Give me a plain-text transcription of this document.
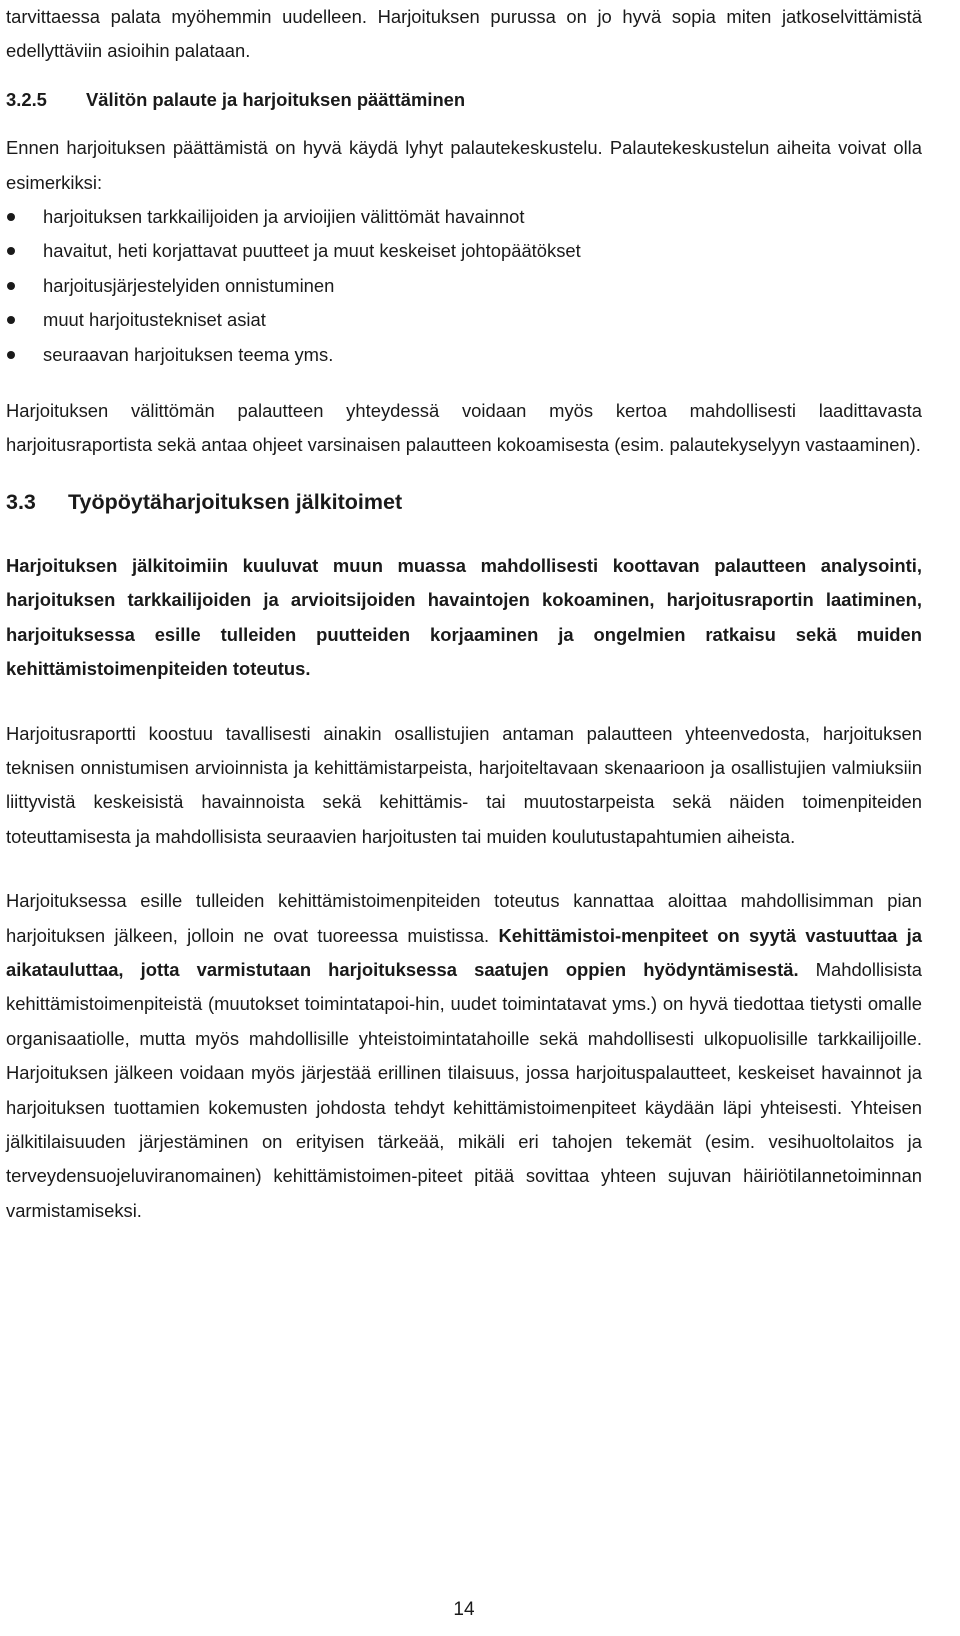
tarvittaessa palata myöhemmin uudelleen. Harjoituksen purussa on jo hyvä sopia miten jatkoselvittämistä edellyttäviin asioihin palataan.

3.2.5	Välitön palaute ja harjoituksen päättäminen

Ennen harjoituksen päättämistä on hyvä käydä lyhyt palautekeskustelu. Palautekeskustelun aiheita voivat olla esimerkiksi:

harjoituksen tarkkailijoiden ja arvioijien välittömät havainnot
havaitut, heti korjattavat puutteet ja muut keskeiset johtopäätökset
harjoitusjärjestelyiden onnistuminen
muut harjoitustekniset asiat
seuraavan harjoituksen teema yms.

Harjoituksen välittömän palautteen yhteydessä voidaan myös kertoa mahdollisesti laadittavasta harjoitusraportista sekä antaa ohjeet varsinaisen palautteen kokoamisesta (esim. palautekyselyyn vastaaminen).

3.3	Työpöytäharjoituksen jälkitoimet

Harjoituksen jälkitoimiin kuuluvat muun muassa mahdollisesti koottavan palautteen analysointi, harjoituksen tarkkailijoiden ja arvioitsijoiden havaintojen kokoaminen, harjoitusraportin laatiminen, harjoituksessa esille tulleiden puutteiden korjaaminen ja ongelmien ratkaisu sekä muiden kehittämistoimenpiteiden toteutus.

Harjoitusraportti koostuu tavallisesti ainakin osallistujien antaman palautteen yhteenvedosta, harjoituksen teknisen onnistumisen arvioinnista ja kehittämistarpeista, harjoiteltavaan skenaarioon ja osallistujien valmiuksiin liittyvistä keskeisistä havainnoista sekä kehittämis- tai muutostarpeista sekä näiden toimenpiteiden toteuttamisesta ja mahdollisista seuraavien harjoitusten tai muiden koulutustapahtumien aiheista.

Harjoituksessa esille tulleiden kehittämistoimenpiteiden toteutus kannattaa aloittaa mahdollisimman pian harjoituksen jälkeen, jolloin ne ovat tuoreessa muistissa. Kehittämistoi-menpiteet on syytä vastuuttaa ja aikatauluttaa, jotta varmistutaan harjoituksessa saatujen oppien hyödyntämisestä. Mahdollisista kehittämistoimenpiteistä (muutokset toimintatapoi-hin, uudet toimintatavat yms.) on hyvä tiedottaa tietysti omalle organisaatiolle, mutta myös mahdollisille yhteistoimintatahoille sekä mahdollisesti ulkopuolisille tarkkailijoille. Harjoituksen jälkeen voidaan myös järjestää erillinen tilaisuus, jossa harjoituspalautteet, keskeiset havainnot ja harjoituksen tuottamien kokemusten johdosta tehdyt kehittämistoimenpiteet käydään läpi yhteisesti. Yhteisen jälkitilaisuuden järjestäminen on erityisen tärkeää, mikäli eri tahojen tekemät (esim. vesihuoltolaitos ja terveydensuojeluviranomainen) kehittämistoimen-piteet pitää sovittaa yhteen sujuvan häiriötilannetoiminnan varmistamiseksi.

14
